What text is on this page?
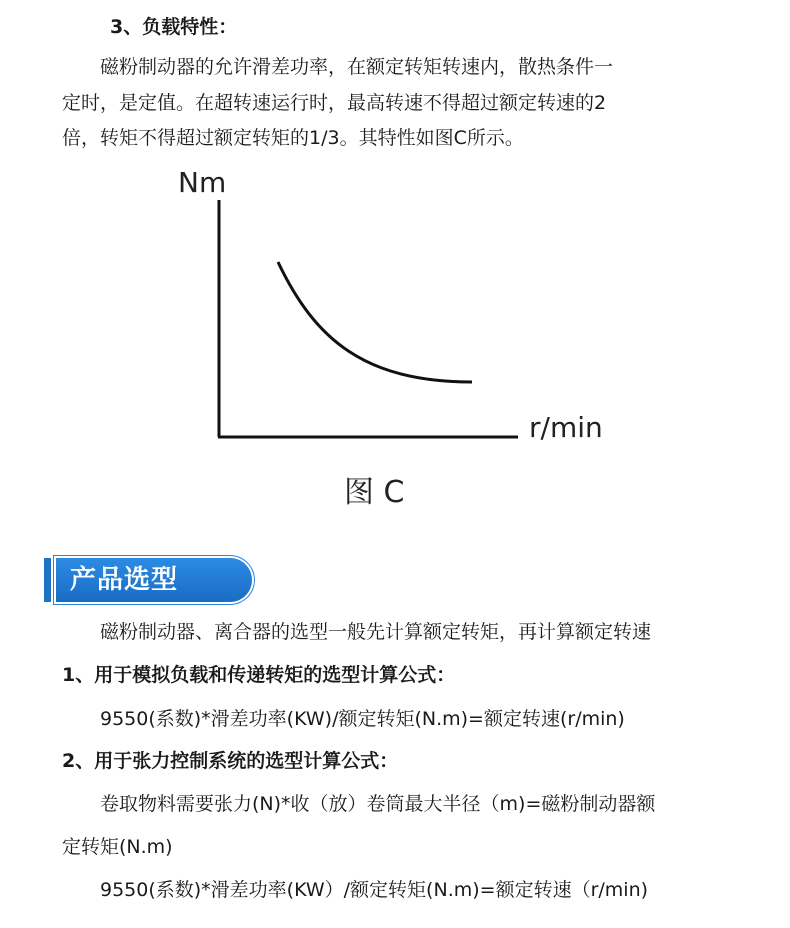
3、负载特性：
磁粉制动器的允许滑差功率，在额定转矩转速内，散热条件一
定时，是定值。在超转速运行时，最高转速不得超过额定转速的2
倍，转矩不得超过额定转矩的1/3。其特性如图C所示。
Nm
r/min
图 C
产品选型
磁粉制动器、离合器的选型一般先计算额定转矩，再计算额定转速
1、用于模拟负载和传递转矩的选型计算公式：
9550(系数)*滑差功率(KW)/额定转矩(N.m)=额定转速(r/min)
2、用于张力控制系统的选型计算公式：
卷取物料需要张力(N)*收（放）卷筒最大半径（m)=磁粉制动器额
定转矩(N.m)
9550(系数)*滑差功率(KW）/额定转矩(N.m)=额定转速（r/min)
